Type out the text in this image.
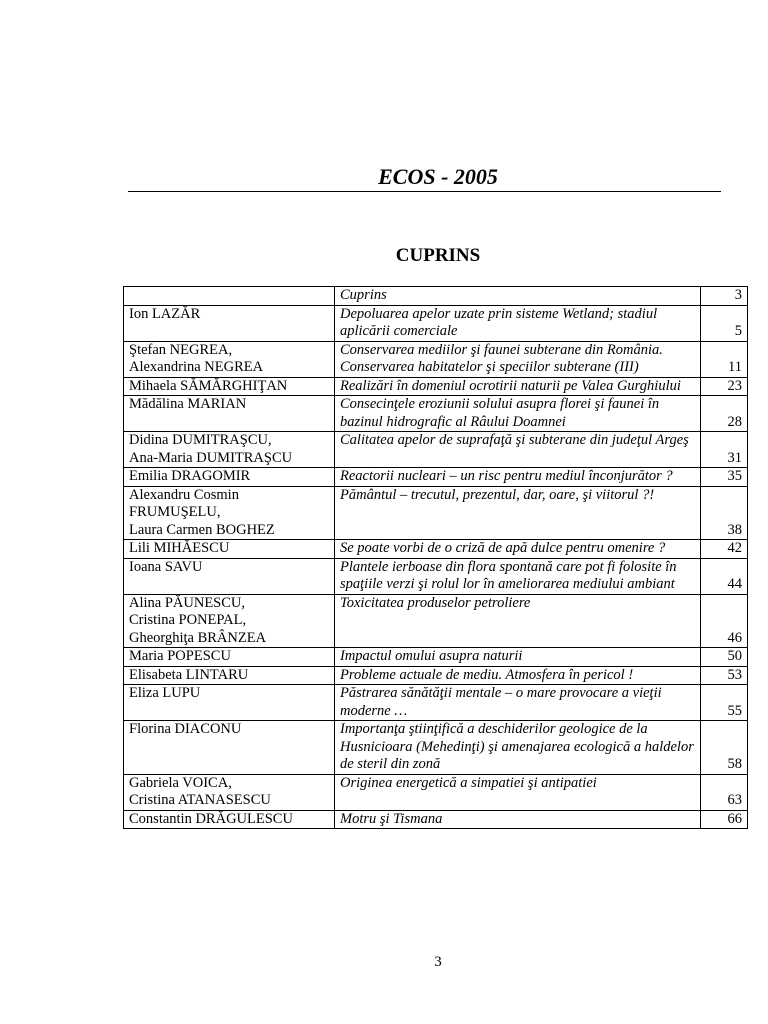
ECOS - 2005
CUPRINS
	Cuprins	3

Ion LAZĂR	Depoluarea apelor uzate prin sisteme Wetland; stadiul aplicării comerciale	5

Ştefan NEGREA,
Alexandrina NEGREA	Conservarea mediilor şi faunei subterane din România. Conservarea habitatelor şi speciilor subterane (III)	11

Mihaela SĂMĂRGHIŢAN	Realizări în domeniul ocrotirii naturii pe Valea Gurghiului	23

Mădălina MARIAN	Consecinţele eroziunii solului asupra florei şi faunei în bazinul hidrografic al Râului Doamnei	28

Didina DUMITRAŞCU,
Ana-Maria DUMITRAŞCU	Calitatea apelor de suprafaţă şi subterane din judeţul Argeş	31

Emilia DRAGOMIR	Reactorii nucleari – un risc pentru mediul înconjurător ?	35

Alexandru Cosmin
FRUMUŞELU,
Laura Carmen BOGHEZ	Pământul – trecutul, prezentul, dar, oare, şi viitorul ?!	38

Lili MIHĂESCU	Se poate vorbi de o criză de apă dulce pentru omenire ?	42

Ioana SAVU	Plantele ierboase din flora spontană care pot fi folosite în spaţiile verzi şi rolul lor în ameliorarea mediului ambiant	44

Alina PĂUNESCU,
Cristina PONEPAL,
Gheorghiţa BRÂNZEA	Toxicitatea produselor petroliere	46

Maria POPESCU	Impactul omului asupra naturii	50

Elisabeta LINTARU	Probleme actuale de mediu. Atmosfera în pericol !	53

Eliza LUPU	Păstrarea sănătăţii mentale – o mare provocare a vieţii moderne …	55

Florina DIACONU	Importanţa ştiinţifică a deschiderilor geologice de la Husnicioara (Mehedinţi) şi amenajarea ecologică a haldelor de steril din zonă	58

Gabriela VOICA,
Cristina ATANASESCU	Originea energetică a simpatiei şi antipatiei	63

Constantin DRĂGULESCU	Motru şi Tismana	66
3
